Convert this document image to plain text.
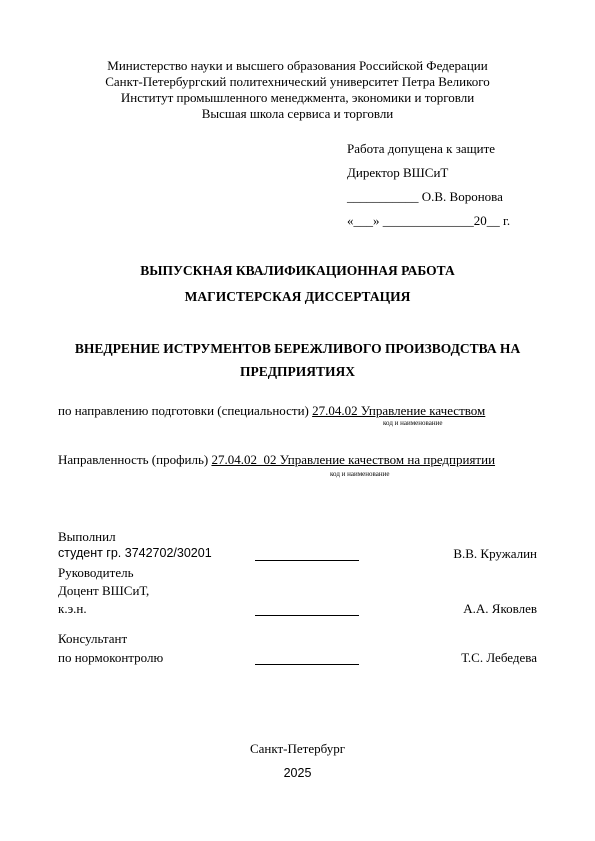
Министерство науки и высшего образования Российской Федерации
Санкт-Петербургский политехнический университет Петра Великого
Институт промышленного менеджмента, экономики и торговли
Высшая школа сервиса и торговли
Работа допущена к защите
Директор ВШСиТ
___________ О.В. Воронова
«___» ______________20__ г.
ВЫПУСКНАЯ КВАЛИФИКАЦИОННАЯ РАБОТА
МАГИСТЕРСКАЯ ДИССЕРТАЦИЯ
ВНЕДРЕНИЕ ИСТРУМЕНТОВ БЕРЕЖЛИВОГО ПРОИЗВОДСТВА НА
ПРЕДПРИЯТИЯХ
по направлению подготовки (специальности) 27.04.02 Управление качеством
код и наименование
Направленность (профиль) 27.04.02_02 Управление качеством на предприятии
код и наименование
Выполнил
студент гр. 3742702/30201	В.В. Кружалин
Руководитель
Доцент ВШСиТ,
к.э.н.	А.А. Яковлев
Консультант
по нормоконтролю	Т.С. Лебедева
Санкт-Петербург
2025
